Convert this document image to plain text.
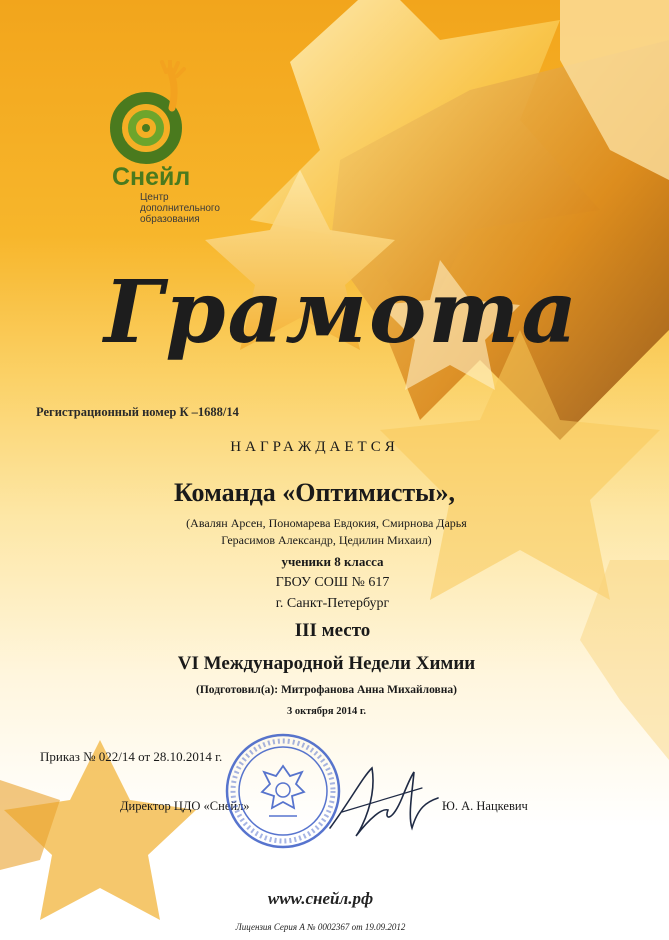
Снейл
Центр
дополнительного
образования
Грамота
Регистрационный номер К –1688/14
НАГРАЖДАЕТСЯ
Команда «Оптимисты»,
(Авалян Арсен, Пономарева Евдокия, Смирнова Дарья
Герасимов Александр, Цедилин Михаил)
ученики 8 класса
ГБОУ СОШ № 617
г. Санкт-Петербург
III место
VI Международной Недели Химии
(Подготовил(а): Митрофанова Анна Михайловна)
3 октября 2014 г.
Приказ № 022/14 от 28.10.2014 г.
Директор ЦДО «Снейл»	Ю. А. Нацкевич
www.снейл.рф
Лицензия Серия А № 0002367 от 19.09.2012
